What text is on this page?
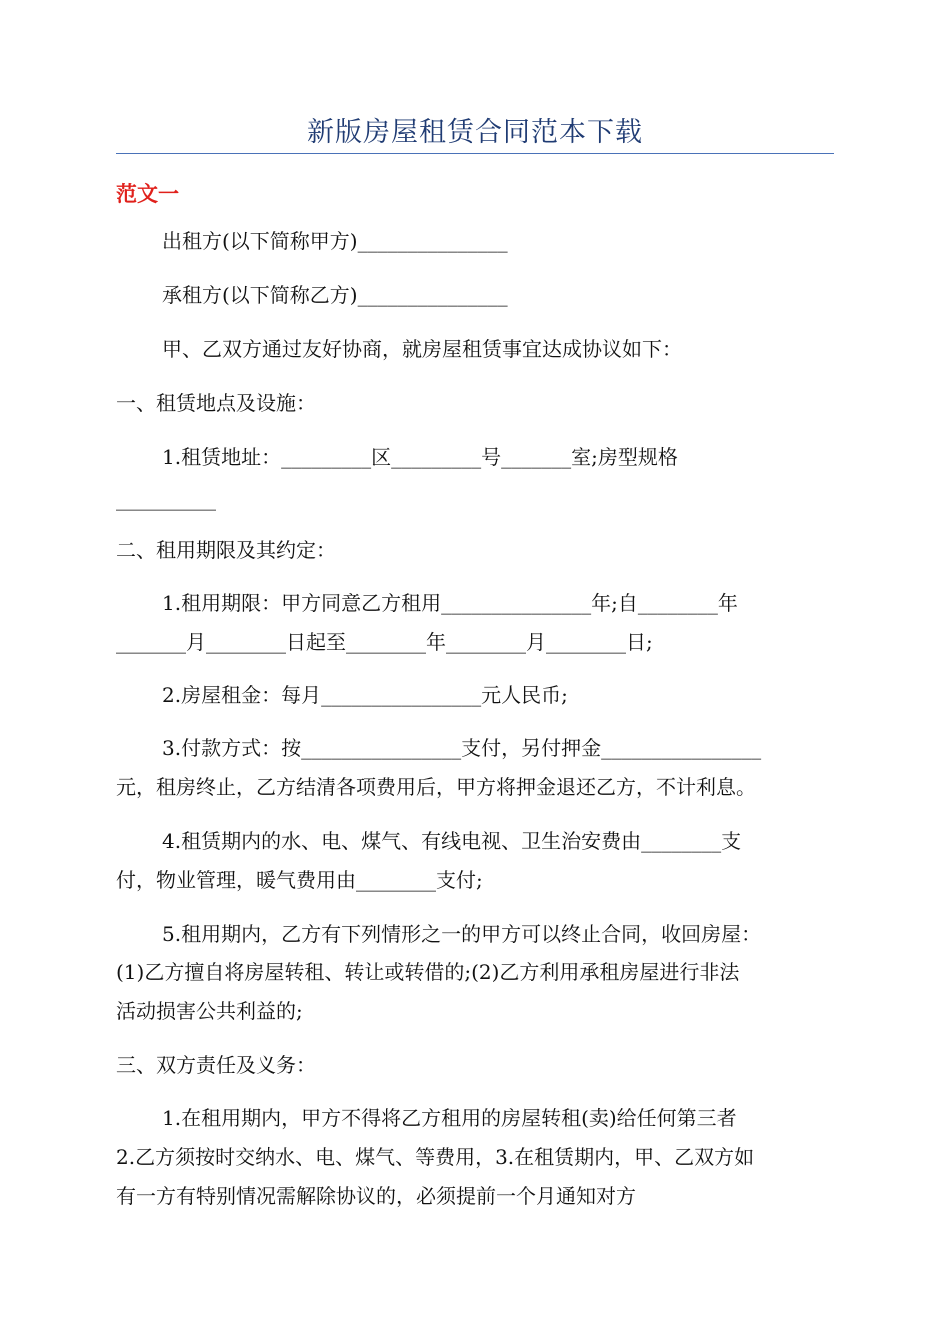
新版房屋租赁合同范本下载
范文一
出租方(以下简称甲方)_______________
承租方(以下简称乙方)_______________
甲、乙双方通过友好协商，就房屋租赁事宜达成协议如下：
一、租赁地点及设施：
1.租赁地址：_________区_________号_______室;房型规格
__________
二、租用期限及其约定：
1.租用期限：甲方同意乙方租用_______________年;自________年
_______月________日起至________年________月________日;
2.房屋租金：每月________________元人民币;
3.付款方式：按________________支付，另付押金________________
元，租房终止，乙方结清各项费用后，甲方将押金退还乙方，不计利息。
4.租赁期内的水、电、煤气、有线电视、卫生治安费由________支
付，物业管理，暖气费用由________支付;
5.租用期内，乙方有下列情形之一的甲方可以终止合同，收回房屋：
(1)乙方擅自将房屋转租、转让或转借的;(2)乙方利用承租房屋进行非法
活动损害公共利益的;
三、双方责任及义务：
1.在租用期内，甲方不得将乙方租用的房屋转租(卖)给任何第三者
2.乙方须按时交纳水、电、煤气、等费用，3.在租赁期内，甲、乙双方如
有一方有特别情况需解除协议的，必须提前一个月通知对方
